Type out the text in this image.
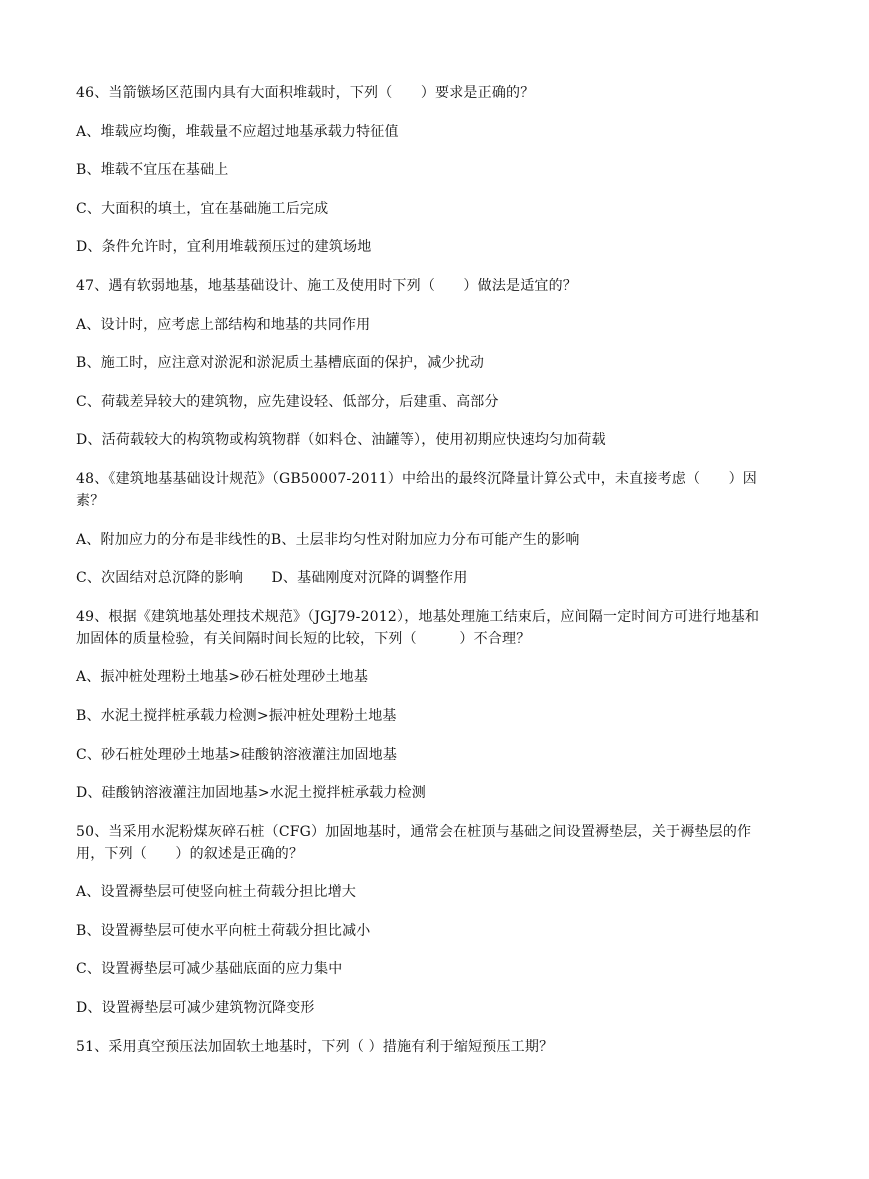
46、当箭镞场区范围内具有大面积堆载时，下列（　　）要求是正确的？
A、堆载应均衡，堆载量不应超过地基承载力特征值
B、堆载不宜压在基础上
C、大面积的填土，宜在基础施工后完成
D、条件允许时，宜利用堆载预压过的建筑场地
47、遇有软弱地基，地基基础设计、施工及使用时下列（　　）做法是适宜的？
A、设计时，应考虑上部结构和地基的共同作用
B、施工时，应注意对淤泥和淤泥质土基槽底面的保护，减少扰动
C、荷载差异较大的建筑物，应先建设轻、低部分，后建重、高部分
D、活荷载较大的构筑物或构筑物群（如料仓、油罐等），使用初期应快速均匀加荷载
48、《建筑地基基础设计规范》（GB50007-2011）中给出的最终沉降量计算公式中，未直接考虑（　　）因
素？
A、附加应力的分布是非线性的B、土层非均匀性对附加应力分布可能产生的影响
C、次固结对总沉降的影响　　D、基础刚度对沉降的调整作用
49、根据《建筑地基处理技术规范》（JGJ79-2012），地基处理施工结束后，应间隔一定时间方可进行地基和
加固体的质量检验，有关间隔时间长短的比较，下列（　　　）不合理？
A、振冲桩处理粉土地基>砂石桩处理砂土地基
B、水泥土搅拌桩承载力检测>振冲桩处理粉土地基
C、砂石桩处理砂土地基>硅酸钠溶液灌注加固地基
D、硅酸钠溶液灌注加固地基>水泥土搅拌桩承载力检测
50、当采用水泥粉煤灰碎石桩（CFG）加固地基时，通常会在桩顶与基础之间设置褥垫层，关于褥垫层的作
用，下列（　　）的叙述是正确的？
A、设置褥垫层可使竖向桩土荷载分担比增大
B、设置褥垫层可使水平向桩土荷载分担比减小
C、设置褥垫层可减少基础底面的应力集中
D、设置褥垫层可减少建筑物沉降变形
51、采用真空预压法加固软土地基时，下列（ ）措施有利于缩短预压工期？
